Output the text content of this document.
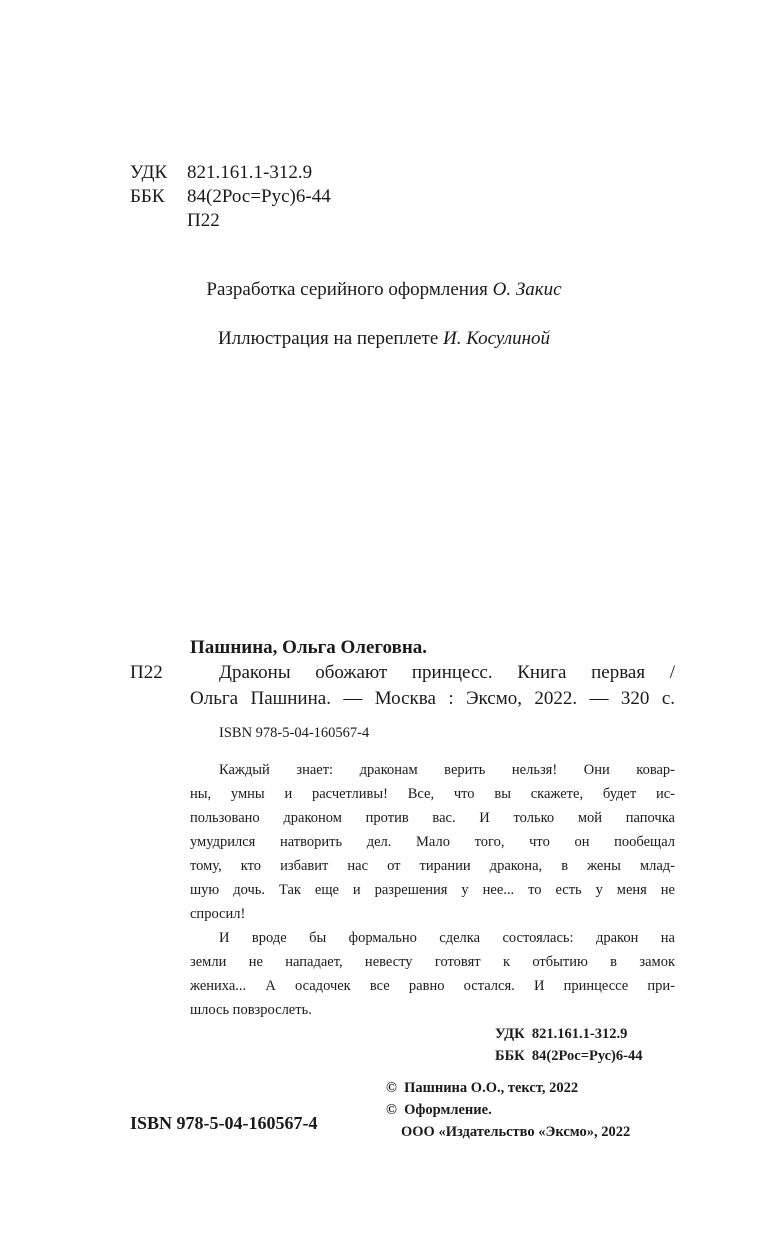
УДК 821.161.1-312.9
ББК 84(2Рос=Рус)6-44
П22
Разработка серийного оформления О. Закис
Иллюстрация на переплете И. Косулиной
Пашнина, Ольга Олеговна.
П22	Драконы обожают принцесс. Книга первая /
Ольга Пашнина. — Москва : Эксмо, 2022. — 320 с.
ISBN 978-5-04-160567-4
Каждый знает: драконам верить нельзя! Они ковар-
ны, умны и расчетливы! Все, что вы скажете, будет ис-
пользовано драконом против вас. И только мой папочка
умудрился натворить дел. Мало того, что он пообещал
тому, кто избавит нас от тирании дракона, в жены млад-
шую дочь. Так еще и разрешения у нее... то есть у меня не
спросил!
И вроде бы формально сделка состоялась: дракон на
земли не нападает, невесту готовят к отбытию в замок
жениха... А осадочек все равно остался. И принцессе при-
шлось повзрослеть.
УДК  821.161.1-312.9
ББК  84(2Рос=Рус)6-44
ISBN 978-5-04-160567-4
©  Пашнина О.О., текст, 2022
©  Оформление.
ООО «Издательство «Эксмо», 2022
